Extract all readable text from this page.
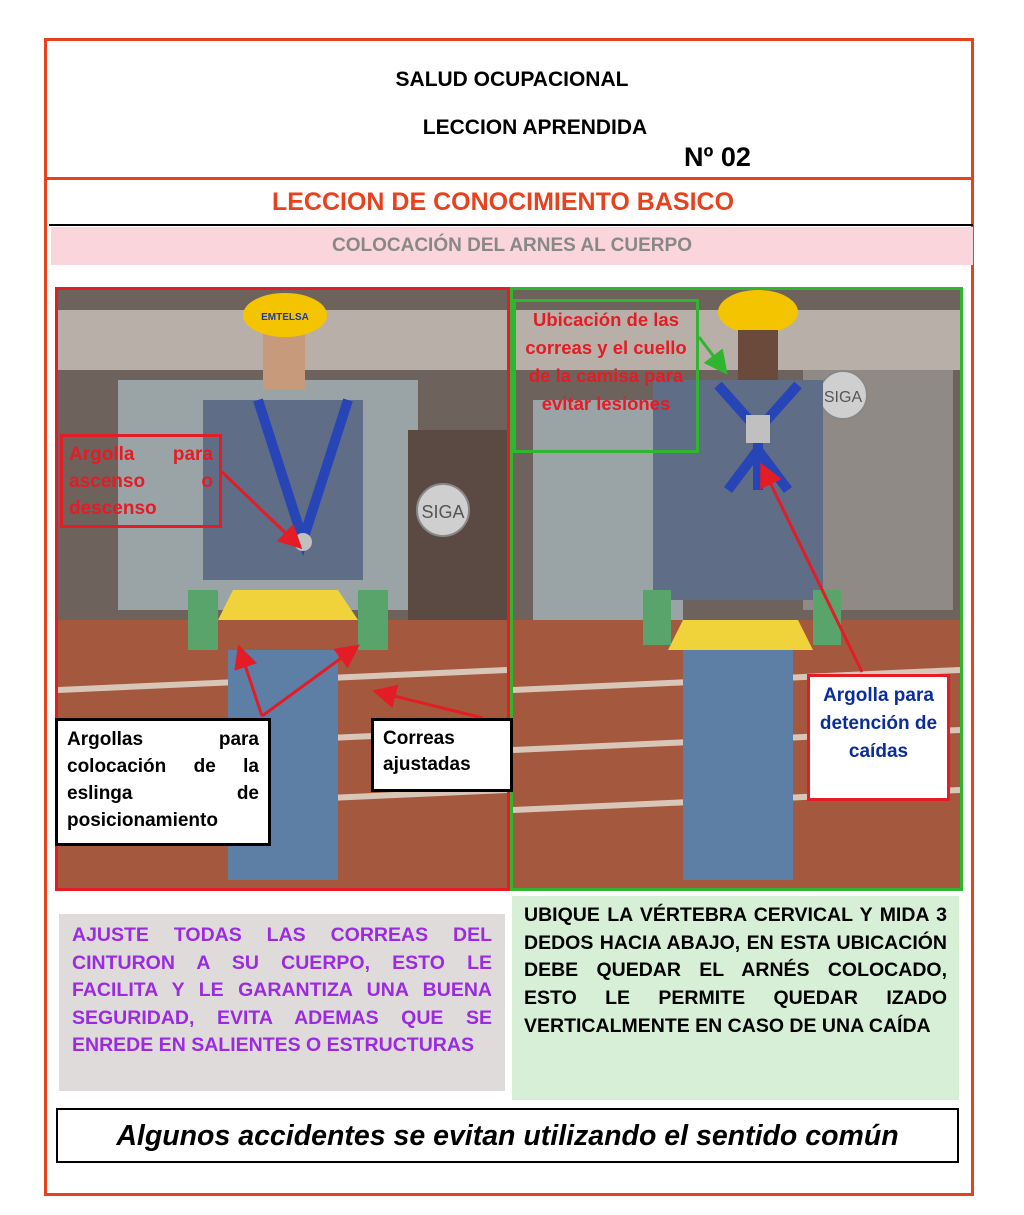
SALUD OCUPACIONAL
LECCION APRENDIDA
Nº 02
LECCION DE CONOCIMIENTO BASICO
COLOCACIÓN DEL ARNES AL CUERPO
SIGA
EMTELSA
SIGA
Argolla para ascenso o descenso
Ubicación de las correas y el cuello de la camisa para evitar lesiones
Argollas para
colocación de la
eslinga de
posicionamiento
Correas ajustadas
Argolla para detención de caídas
AJUSTE TODAS LAS CORREAS DEL CINTURON A SU CUERPO, ESTO LE FACILITA Y LE GARANTIZA UNA BUENA SEGURIDAD, EVITA ADEMAS QUE SE ENREDE EN SALIENTES O ESTRUCTURAS
UBIQUE LA VÉRTEBRA CERVICAL Y MIDA 3 DEDOS HACIA ABAJO, EN ESTA UBICACIÓN DEBE QUEDAR EL ARNÉS COLOCADO, ESTO LE PERMITE QUEDAR IZADO VERTICALMENTE EN CASO DE UNA CAÍDA
Algunos accidentes se evitan utilizando el sentido común
